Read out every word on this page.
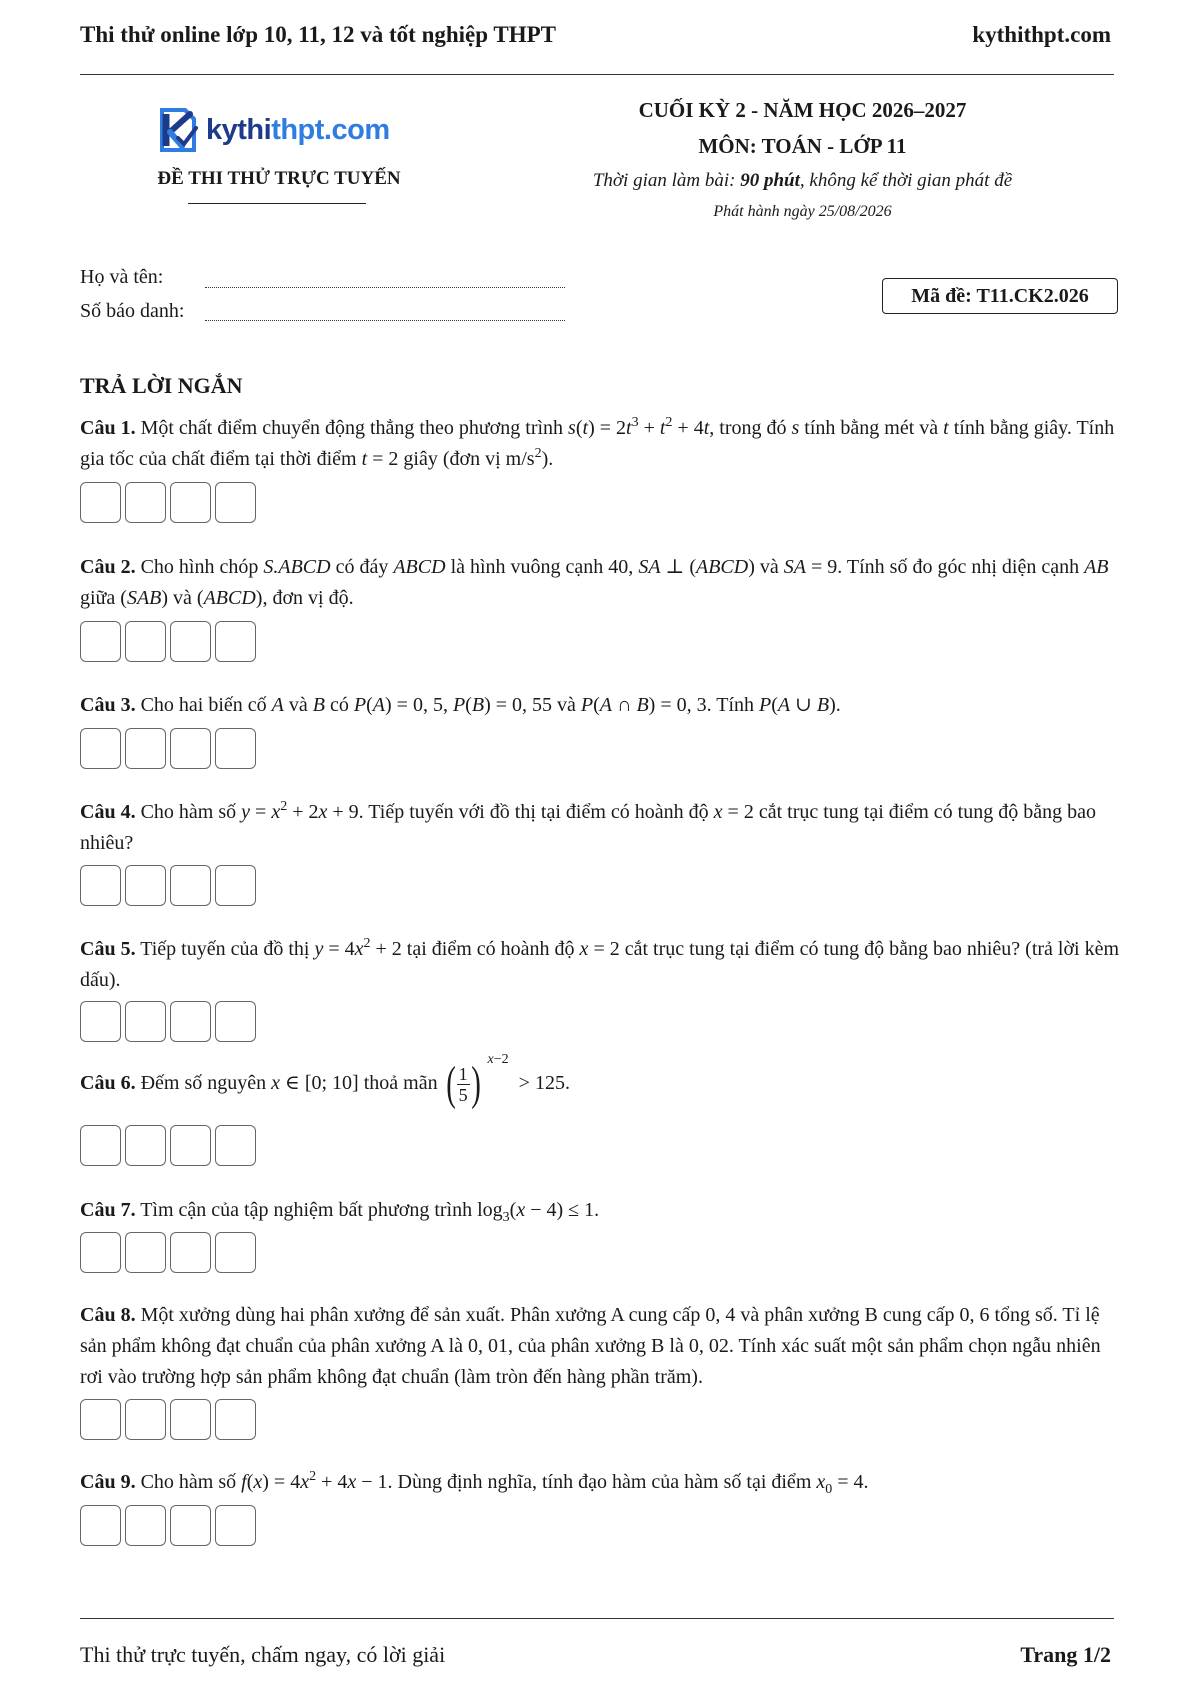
Thi thử online lớp 10, 11, 12 và tốt nghiệp THPT	kythithpt.com
kythithpt.com
ĐỀ THI THỬ TRỰC TUYẾN
CUỐI KỲ 2 - NĂM HỌC 2026–2027
MÔN: TOÁN - LỚP 11
Thời gian làm bài: 90 phút, không kể thời gian phát đề
Phát hành ngày 25/08/2026
Họ và tên:
Số báo danh:
Mã đề: T11.CK2.026
TRẢ LỜI NGẮN
Câu 1. Một chất điểm chuyển động thẳng theo phương trình $s(t) = 2t^3 + t^2 + 4t$, trong đó s tính bằng mét và t tính bằng giây. Tính gia tốc của chất điểm tại thời điểm t = 2 giây (đơn vị $m/s^2$).
Câu 2. Cho hình chóp S.ABCD có đáy ABCD là hình vuông cạnh 40, SA ⊥ (ABCD) và SA = 9. Tính số đo góc nhị diện cạnh AB giữa (SAB) và (ABCD), đơn vị độ.
Câu 3. Cho hai biến cố A và B có P(A) = 0, 5, P(B) = 0, 55 và P(A ∩ B) = 0, 3. Tính P(A ∪ B).
Câu 4. Cho hàm số $y = x^2 + 2x + 9$. Tiếp tuyến với đồ thị tại điểm có hoành độ x = 2 cắt trục tung tại điểm có tung độ bằng bao nhiêu?
Câu 5. Tiếp tuyến của đồ thị $y = 4x^2 + 2$ tại điểm có hoành độ x = 2 cắt trục tung tại điểm có tung độ bằng bao nhiêu? (trả lời kèm dấu).
Câu 6. Đếm số nguyên x ∈ [0; 10] thoả mãn ( $\frac{1}{5}$ ) $^{x-2}$  > 125.
Câu 7. Tìm cận của tập nghiệm bất phương trình $\log_3(x - 4) \le 1$.
Câu 8. Một xưởng dùng hai phân xưởng để sản xuất. Phân xưởng A cung cấp 0, 4 và phân xưởng B cung cấp 0, 6 tổng số. Tỉ lệ sản phẩm không đạt chuẩn của phân xưởng A là 0, 01, của phân xưởng B là 0, 02. Tính xác suất một sản phẩm chọn ngẫu nhiên rơi vào trường hợp sản phẩm không đạt chuẩn (làm tròn đến hàng phần trăm).
Câu 9. Cho hàm số $f(x) = 4x^2 + 4x - 1$. Dùng định nghĩa, tính đạo hàm của hàm số tại điểm $x_0 = 4$.
Thi thử trực tuyến, chấm ngay, có lời giải	Trang 1/2
